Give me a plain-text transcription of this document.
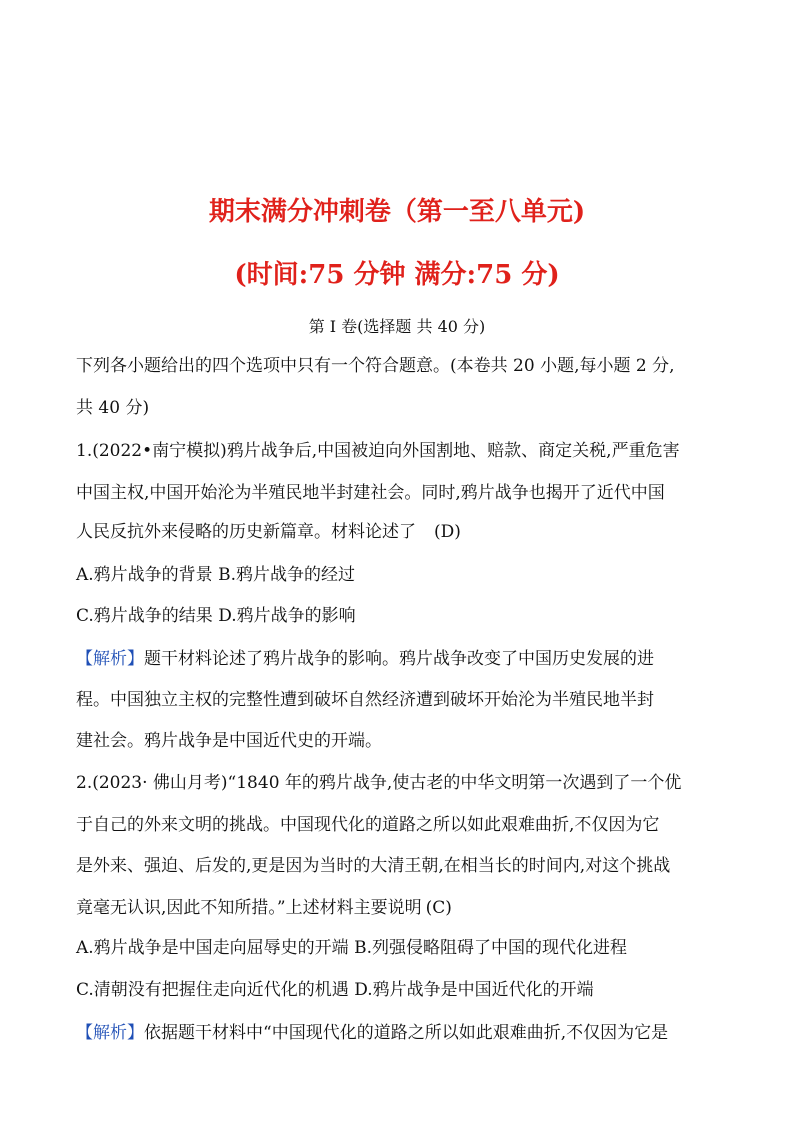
期末满分冲刺卷（第一至八单元)
(时间:75 分钟 满分:75 分)
第 Ⅰ 卷(选择题 共 40 分)
下列各小题给出的四个选项中只有一个符合题意。(本卷共 20 小题,每小题 2 分,
共 40 分)
1.(2022•南宁模拟)鸦片战争后,中国被迫向外国割地、赔款、商定关税,严重危害
中国主权,中国开始沦为半殖民地半封建社会。同时,鸦片战争也揭开了近代中国
人民反抗外来侵略的历史新篇章。材料论述了 (D)
A.鸦片战争的背景 B.鸦片战争的经过
C.鸦片战争的结果 D.鸦片战争的影响
【解析】题干材料论述了鸦片战争的影响。鸦片战争改变了中国历史发展的进
程。中国独立主权的完整性遭到破坏自然经济遭到破坏开始沦为半殖民地半封
建社会。鸦片战争是中国近代史的开端。
2.(2023· 佛山月考)“1840 年的鸦片战争,使古老的中华文明第一次遇到了一个优
于自己的外来文明的挑战。中国现代化的道路之所以如此艰难曲折,不仅因为它
是外来、强迫、后发的,更是因为当时的大清王朝,在相当长的时间内,对这个挑战
竟毫无认识,因此不知所措。”上述材料主要说明 (C)
A.鸦片战争是中国走向屈辱史的开端 B.列强侵略阻碍了中国的现代化进程
C.清朝没有把握住走向近代化的机遇 D.鸦片战争是中国近代化的开端
【解析】依据题干材料中“中国现代化的道路之所以如此艰难曲折,不仅因为它是
